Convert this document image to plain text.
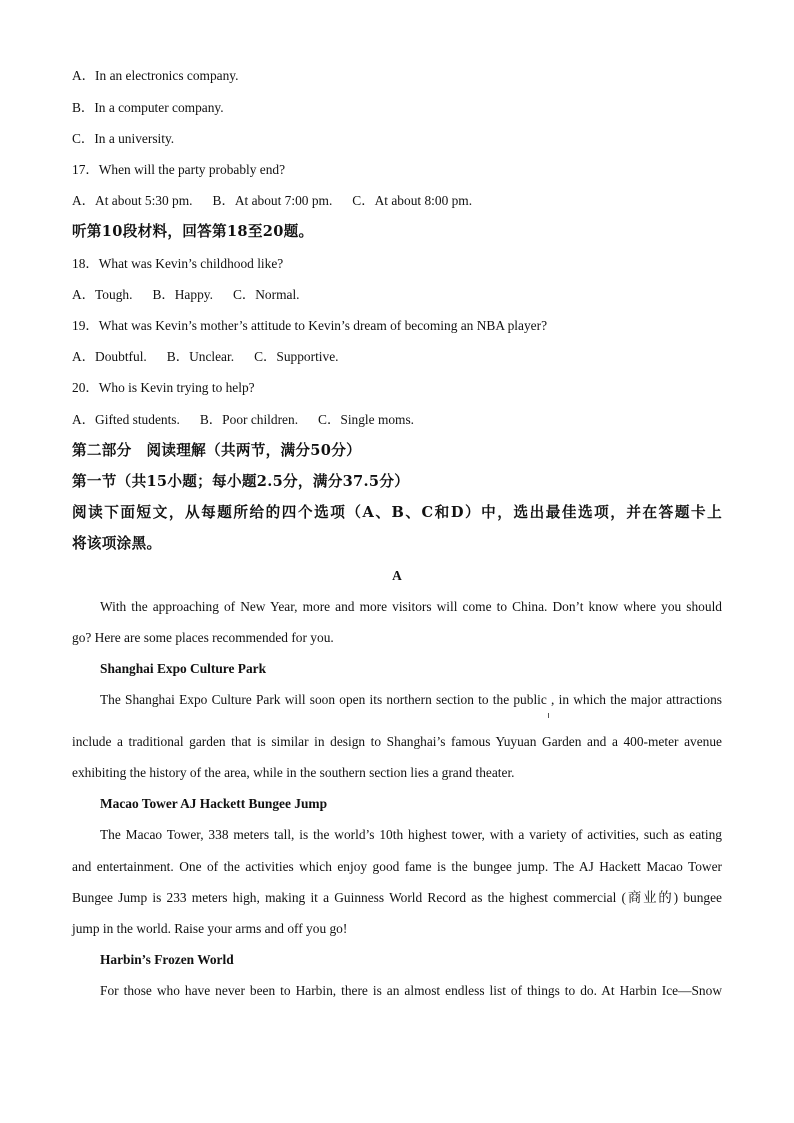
A．In an electronics company.
B．In a computer company.
C．In a university.
17．When will the party probably end?
A．At about 5:30 pm. B．At about 7:00 pm. C．At about 8:00 pm.
听第10段材料，回答第18至20题。
18．What was Kevin’s childhood like?
A．Tough. B．Happy. C．Normal.
19．What was Kevin’s mother’s attitude to Kevin’s dream of becoming an NBA player?
A．Doubtful. B．Unclear. C．Supportive.
20．Who is Kevin trying to help?
A．Gifted students. B．Poor children. C．Single moms.
第二部分　阅读理解（共两节，满分50分）
第一节（共15小题；每小题2.5分，满分37.5分）
阅读下面短文，从每题所给的四个选项（A、B、C和D）中，选出最佳选项，并在答题卡上
将该项涂黑。
A
With the approaching of New Year, more and more visitors will come to China. Don’t know where you should
go? Here are some places recommended for you.
Shanghai Expo Culture Park
The Shanghai Expo Culture Park will soon open its northern section to the public , in which the major attractions
include a traditional garden that is similar in design to Shanghai’s famous Yuyuan Garden and a 400-meter avenue
exhibiting the history of the area, while in the southern section lies a grand theater.
Macao Tower AJ Hackett Bungee Jump
The Macao Tower, 338 meters tall, is the world’s 10th highest tower, with a variety of activities, such as eating
and entertainment. One of the activities which enjoy good fame is the bungee jump. The AJ Hackett Macao Tower
Bungee Jump is 233 meters high, making it a Guinness World Record as the highest commercial (商业的) bungee
jump in the world. Raise your arms and off you go!
Harbin’s Frozen World
For those who have never been to Harbin, there is an almost endless list of things to do. At Harbin Ice—Snow
